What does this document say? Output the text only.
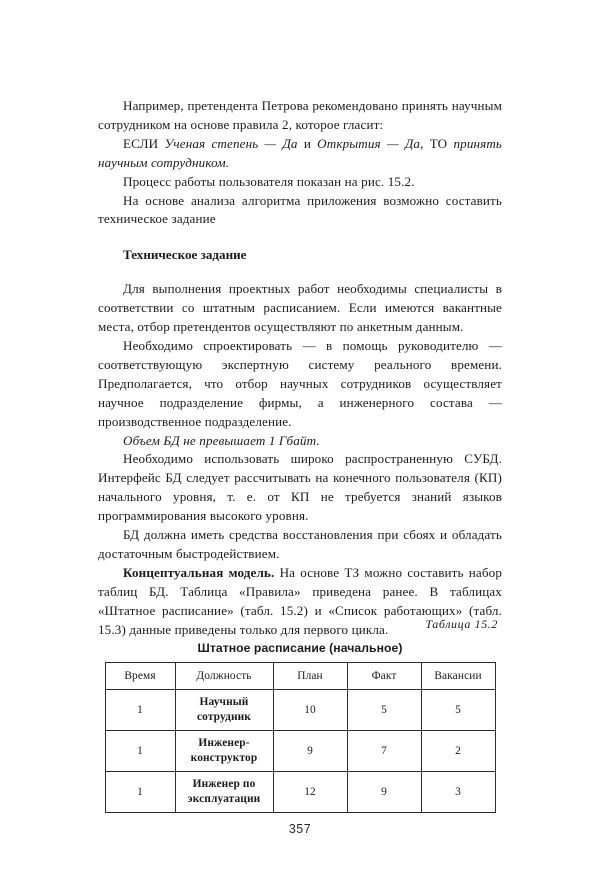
Например, претендента Петрова рекомендовано принять научным сотрудником на основе правила 2, которое гласит:

ЕСЛИ Ученая степень — Да и Открытия — Да, ТО принять научным сотрудником.

Процесс работы пользователя показан на рис. 15.2.

На основе анализа алгоритма приложения возможно составить техническое задание

Техническое задание

Для выполнения проектных работ необходимы специалисты в соответствии со штатным расписанием. Если имеются вакантные места, отбор претендентов осуществляют по анкетным данным.

Необходимо спроектировать — в помощь руководителю — соответствующую экспертную систему реального времени. Предполагается, что отбор научных сотрудников осуществляет научное подразделение фирмы, а инженерного состава — производственное подразделение.

Объем БД не превышает 1 Гбайт.

Необходимо использовать широко распространенную СУБД. Интерфейс БД следует рассчитывать на конечного пользователя (КП) начального уровня, т. е. от КП не требуется знаний языков программирования высокого уровня.

БД должна иметь средства восстановления при сбоях и обладать достаточным быстродействием.

Концептуальная модель. На основе ТЗ можно составить набор таблиц БД. Таблица «Правила» приведена ранее. В таблицах «Штатное расписание» (табл. 15.2) и «Список работающих» (табл. 15.3) данные приведены только для первого цикла.	Таблица 15.2
Штатное расписание (начальное)
Время	Должность	План	Факт	Вакансии
1	Научный сотрудник	10	5	5
1	Инженер-конструктор	9	7	2
1	Инженер по эксплуатации	12	9	3
357
